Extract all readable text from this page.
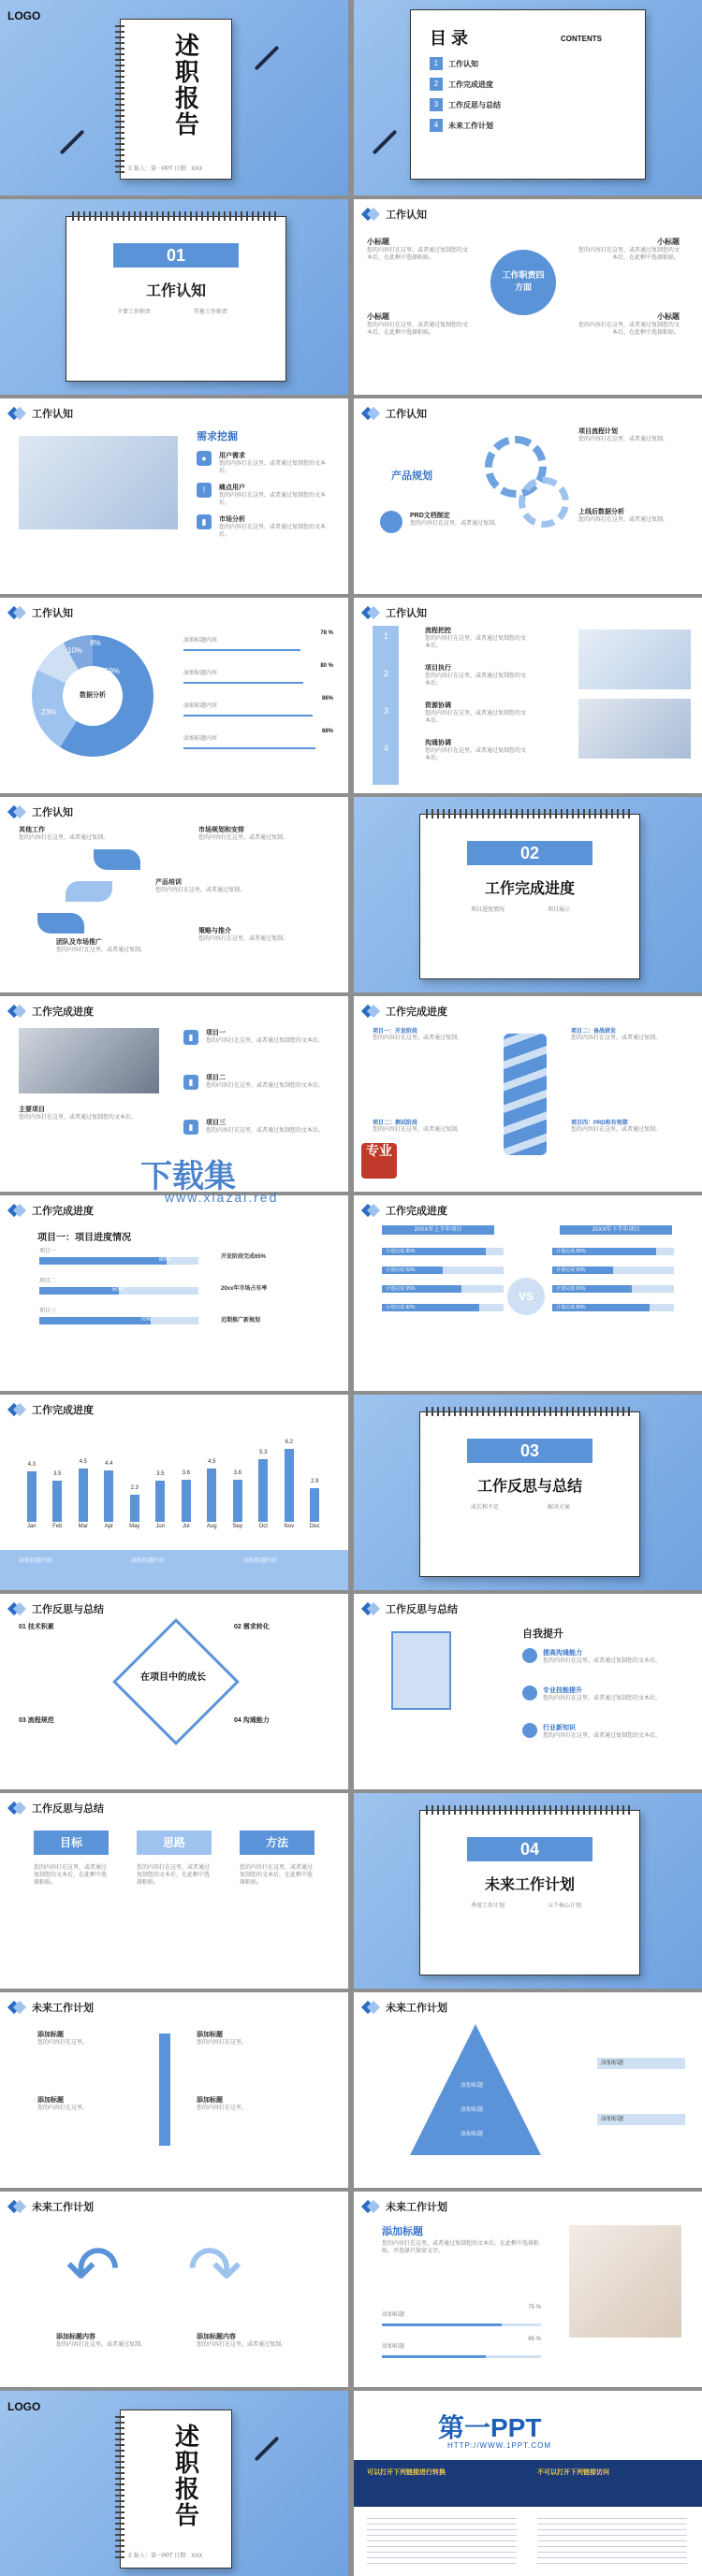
LOGO
述职报告
汇报人：第一PPT 日期：XXX
目 录	CONTENTS
1	工作认知
2	工作完成进度
3	工作反思与总结
4	未来工作计划
01
工作认知
主要工作职责	其他工作职责
工作认知
工作职责四方面
小标题
您的内容打在这里，或者通过复制您的文本后，在此框中选择粘贴。
小标题
您的内容打在这里，或者通过复制您的文本后，在此框中选择粘贴。
小标题
您的内容打在这里，或者通过复制您的文本后，在此框中选择粘贴。
小标题
您的内容打在这里，或者通过复制您的文本后，在此框中选择粘贴。
工作认知
需求挖掘
●	用户需求
您的内容打在这里，或者通过复制您的文本后。
!	痛点用户
您的内容打在这里，或者通过复制您的文本后。
▮	市场分析
您的内容打在这里，或者通过复制您的文本后。
工作认知
产品规划
项目流程计划
您的内容打在这里，或者通过复制。
PRD文档制定
您的内容打在这里，或者通过复制。
上线后数据分析
您的内容打在这里，或者通过复制。
工作认知
数据分析
59%
23%
10%
8%	添加标题内容
78 %
添加标题内容
80 %
添加标题内容
86%
添加标题内容
88%
工作认知
1
2
3
4
流程把控
您的内容打在这里，或者通过复制您的文本后。
项目执行
您的内容打在这里，或者通过复制您的文本后。
资源协调
您的内容打在这里，或者通过复制您的文本后。
沟通协调
您的内容打在这里，或者通过复制您的文本后。
工作认知
其他工作
您的内容打在这里，或者通过复制。
市场规划和安排
您的内容打在这里，或者通过复制。
产品培训
您的内容打在这里，或者通过复制。
策略与推介
您的内容打在这里，或者通过复制。
团队及市场推广
您的内容打在这里，或者通过复制。
02
工作完成进度
项目进度情况	项目展示
工作完成进度
主要项目
您的内容打在这里，或者通过复制您的文本后。
▮	项目一
您的内容打在这里，或者通过复制您的文本后。
▮	项目二
您的内容打在这里，或者通过复制您的文本后。
▮	项目三
您的内容打在这里，或者通过复制您的文本后。
工作完成进度
项目一：开发阶段
您的内容打在这里，或者通过复制。
项目二：测试阶段
您的内容打在这里，或者通过复制。
项目二：备战研发
您的内容打在这里，或者通过复制。
项目四：PRD和有效期
您的内容打在这里，或者通过复制。
工作完成进度
项目一：项目进度情况
项目一
80%
项目二
50%
项目三
70%
开发阶段完成65%
20xx年市场占有率
近期推广新规划
工作完成进度
20XX年上半年项目	20XX年下半年项目
VS
计划完成 85%
计划完成 50%
计划完成 65%
计划完成 80%
计划完成 85%
计划完成 50%
计划完成 65%
计划完成 80%
工作完成进度
4.3
Jan
3.5
Feb
4.5
Mar
4.4
Apr
2.3
May
3.5
Jun
3.6
Jul
4.5
Aug
3.6
Sep
5.3
Oct
6.2
Nov
2.9
Dec
添加标题内容	添加标题内容	添加标题内容
03
工作反思与总结
成长和不足	解决方案
工作反思与总结
在项目中的成长
01 技术积累	02 需求转化
03 流程规范	04 沟通能力
工作反思与总结
自我提升
提高沟通能力
您的内容打在这里，或者通过复制您的文本后。
专业技能提升
您的内容打在这里，或者通过复制您的文本后。
行业新知识
您的内容打在这里，或者通过复制您的文本后。
工作反思与总结
目标	思路	方法
您的内容打在这里，或者通过复制您的文本后，在此框中选择粘贴。
您的内容打在这里，或者通过复制您的文本后，在此框中选择粘贴。
您的内容打在这里，或者通过复制您的文本后，在此框中选择粘贴。
04
未来工作计划
季度工作计划	五个核心计划
未来工作计划
添加标题
您的内容打在这里。
添加标题
您的内容打在这里。
添加标题
您的内容打在这里。
添加标题
您的内容打在这里。
未来工作计划
添加标题
添加标题
添加标题
添加标题
添加标题
未来工作计划
↶ ↷
添加标题内容
您的内容打在这里，或者通过复制。
添加标题内容
您的内容打在这里，或者通过复制。
未来工作计划
添加标题
您的内容打在这里，或者通过复制您的文本后，在此框中选择粘贴，并选择只保留文字。
添加标题
75 %
添加标题
65 %
LOGO
述职报告
汇报人：第一PPT 日期：XXX
第一PPT
HTTP://WWW.1PPT.COM
可以打开下列链接进行转换	不可以打开下列链接访问
下载集
www.xiazai.red
专业
